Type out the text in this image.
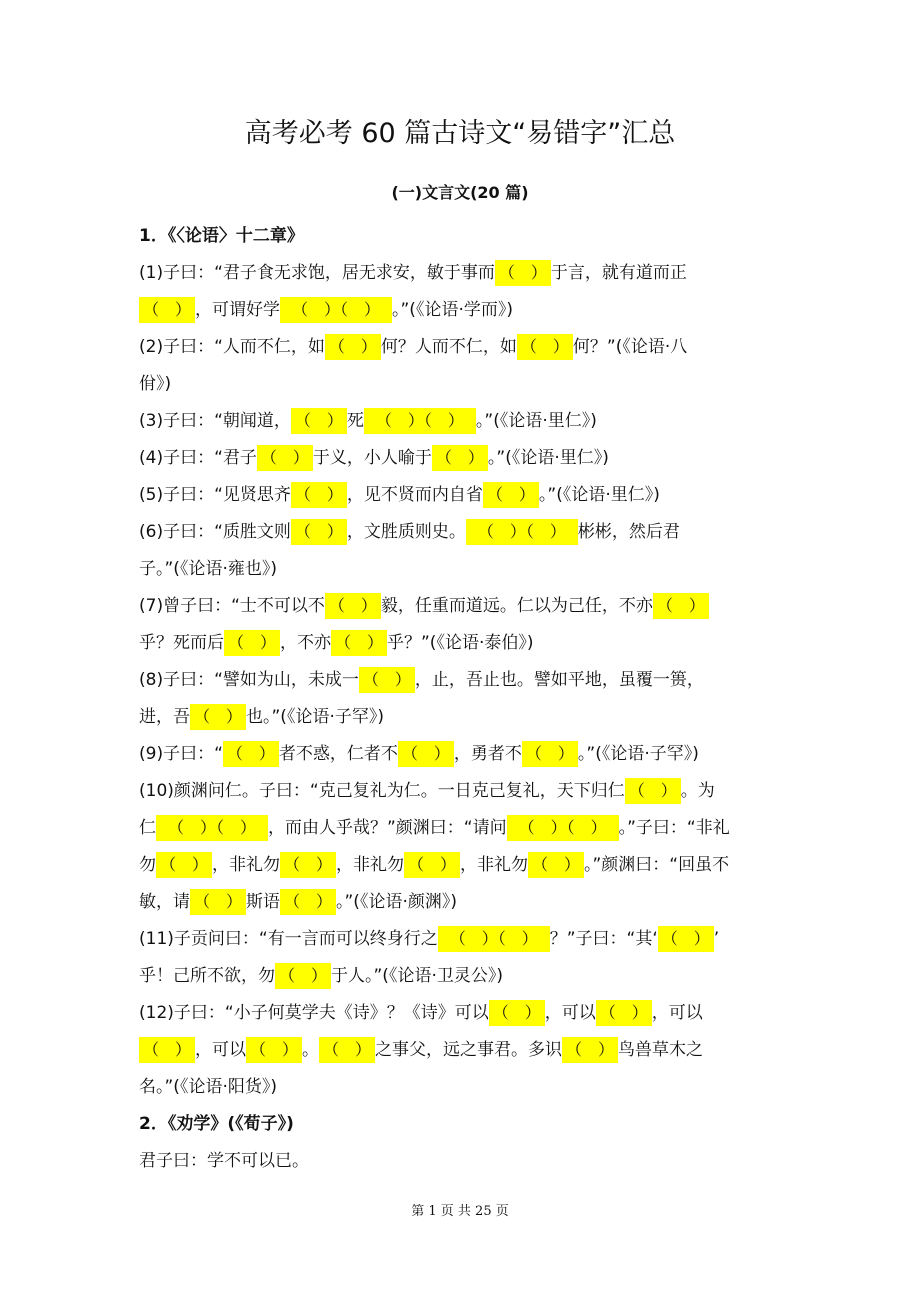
高考必考 60 篇古诗文“易错字”汇总
(一)文言文(20 篇)
1．《〈论语〉十二章》
(1)子曰：“君子食无求饱，居无求安，敏于事而 （　） 于言，就有道而正
（　） ，可谓好学 （　）（　） 。”(《论语·学而》)
(2)子曰：“人而不仁，如 （　） 何？人而不仁，如 （　） 何？”(《论语·八
佾》)
(3)子曰：“朝闻道， （　） 死 （　）（　） 。”(《论语·里仁》)
(4)子曰：“君子 （　） 于义，小人喻于 （　） 。”(《论语·里仁》)
(5)子曰：“见贤思齐 （　） ，见不贤而内自省 （　） 。”(《论语·里仁》)
(6)子曰：“质胜文则 （　） ，文胜质则史。 （　）（　） 彬彬，然后君
子。”(《论语·雍也》)
(7)曾子曰：“士不可以不 （　） 毅，任重而道远。仁以为己任，不亦 （　）
乎？死而后 （　） ，不亦 （　） 乎？”(《论语·泰伯》)
(8)子曰：“譬如为山，未成一 （　） ，止，吾止也。譬如平地，虽覆一篑，
进，吾 （　） 也。”(《论语·子罕》)
(9)子曰：“ （　） 者不惑，仁者不 （　） ，勇者不 （　） 。”(《论语·子罕》)
(10)颜渊问仁。子曰：“克己复礼为仁。一日克己复礼，天下归仁 （　） 。为
仁 （　）（　） ，而由人乎哉？”颜渊曰：“请问 （　）（　） 。”子曰：“非礼
勿 （　） ，非礼勿 （　） ，非礼勿 （　） ，非礼勿 （　） 。”颜渊曰：“回虽不
敏，请 （　） 斯语 （　） 。”(《论语·颜渊》)
(11)子贡问曰：“有一言而可以终身行之 （　）（　） ？”子曰：“其‘ （　） ’
乎！己所不欲，勿 （　） 于人。”(《论语·卫灵公》)
(12)子曰：“小子何莫学夫《诗》？《诗》可以 （　） ，可以 （　） ，可以
（　） ，可以 （　） 。 （　） 之事父，远之事君。多识 （　） 鸟兽草木之
名。”(《论语·阳货》)
2．《劝学》(《荀子》)
君子曰：学不可以已。
第 1 页 共 25 页
